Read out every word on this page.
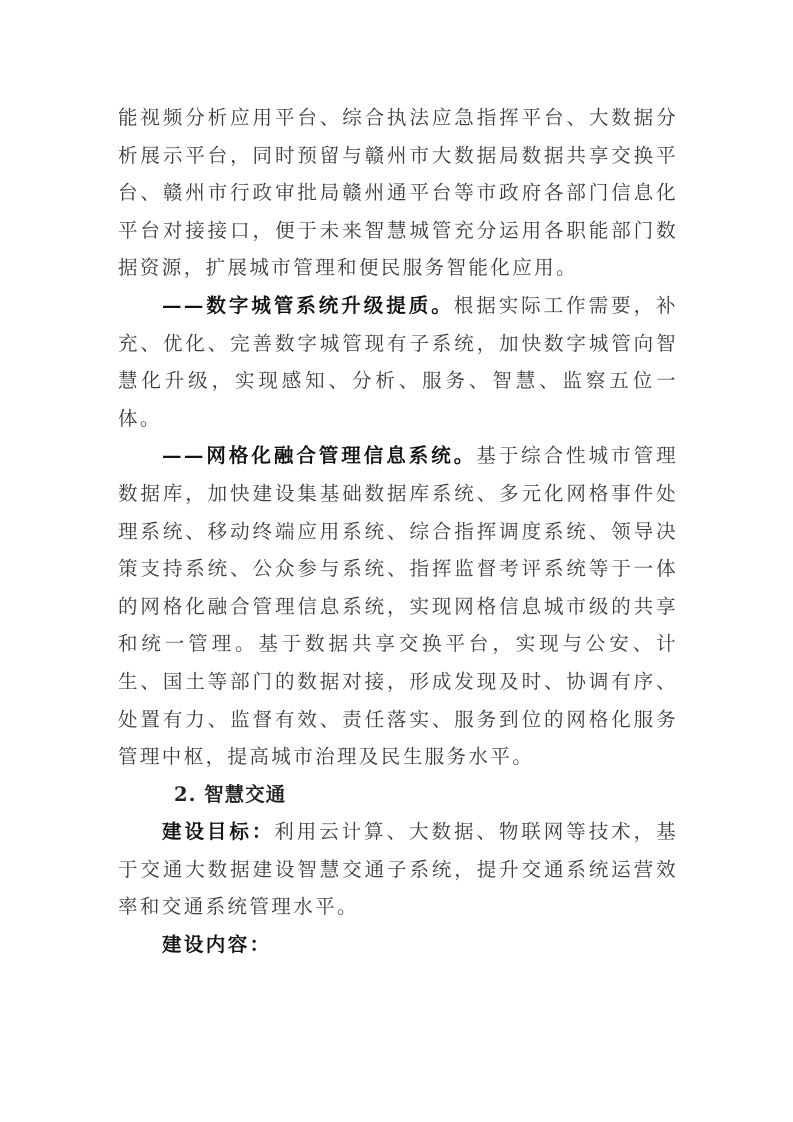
能视频分析应用平台、综合执法应急指挥平台、大数据分析展示平台，同时预留与赣州市大数据局数据共享交换平台、赣州市行政审批局赣州通平台等市政府各部门信息化平台对接接口，便于未来智慧城管充分运用各职能部门数据资源，扩展城市管理和便民服务智能化应用。

——数字城管系统升级提质。根据实际工作需要，补充、优化、完善数字城管现有子系统，加快数字城管向智慧化升级，实现感知、分析、服务、智慧、监察五位一体。

——网格化融合管理信息系统。基于综合性城市管理数据库，加快建设集基础数据库系统、多元化网格事件处理系统、移动终端应用系统、综合指挥调度系统、领导决策支持系统、公众参与系统、指挥监督考评系统等于一体的网格化融合管理信息系统，实现网格信息城市级的共享和统一管理。基于数据共享交换平台，实现与公安、计生、国土等部门的数据对接，形成发现及时、协调有序、处置有力、监督有效、责任落实、服务到位的网格化服务管理中枢，提高城市治理及民生服务水平。

2. 智慧交通

建设目标：利用云计算、大数据、物联网等技术，基于交通大数据建设智慧交通子系统，提升交通系统运营效率和交通系统管理水平。

建设内容：
